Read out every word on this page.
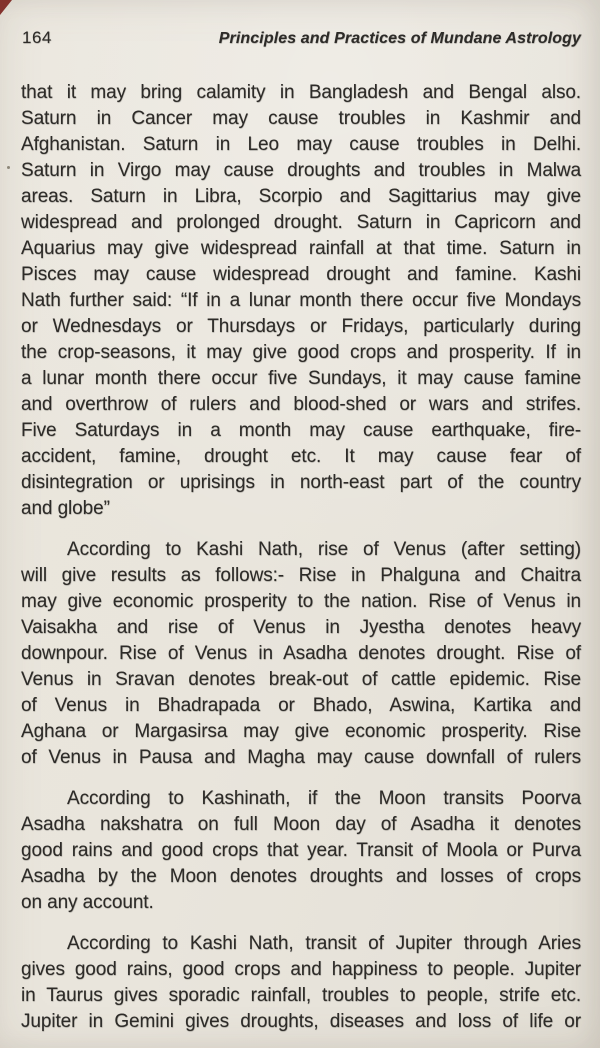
164	Principles and Practices of Mundane Astrology
that it may bring calamity in Bangladesh and Bengal also.
Saturn in Cancer may cause troubles in Kashmir and
Afghanistan. Saturn in Leo may cause troubles in Delhi.
Saturn in Virgo may cause droughts and troubles in Malwa
areas. Saturn in Libra, Scorpio and Sagittarius may give
widespread and prolonged drought. Saturn in Capricorn and
Aquarius may give widespread rainfall at that time. Saturn in
Pisces may cause widespread drought and famine. Kashi
Nath further said: “If in a lunar month there occur five Mondays
or Wednesdays or Thursdays or Fridays, particularly during
the crop-seasons, it may give good crops and prosperity. If in
a lunar month there occur five Sundays, it may cause famine
and overthrow of rulers and blood-shed or wars and strifes.
Five Saturdays in a month may cause earthquake, fire-
accident, famine, drought etc. It may cause fear of
disintegration or uprisings in north-east part of the country
and globe”
According to Kashi Nath, rise of Venus (after setting)
will give results as follows:- Rise in Phalguna and Chaitra
may give economic prosperity to the nation. Rise of Venus in
Vaisakha and rise of Venus in Jyestha denotes heavy
downpour. Rise of Venus in Asadha denotes drought. Rise of
Venus in Sravan denotes break-out of cattle epidemic. Rise
of Venus in Bhadrapada or Bhado, Aswina, Kartika and
Aghana or Margasirsa may give economic prosperity. Rise
of Venus in Pausa and Magha may cause downfall of rulers
According to Kashinath, if the Moon transits Poorva
Asadha nakshatra on full Moon day of Asadha it denotes
good rains and good crops that year. Transit of Moola or Purva
Asadha by the Moon denotes droughts and losses of crops
on any account.
According to Kashi Nath, transit of Jupiter through Aries
gives good rains, good crops and happiness to people. Jupiter
in Taurus gives sporadic rainfall, troubles to people, strife etc.
Jupiter in Gemini gives droughts, diseases and loss of life or
